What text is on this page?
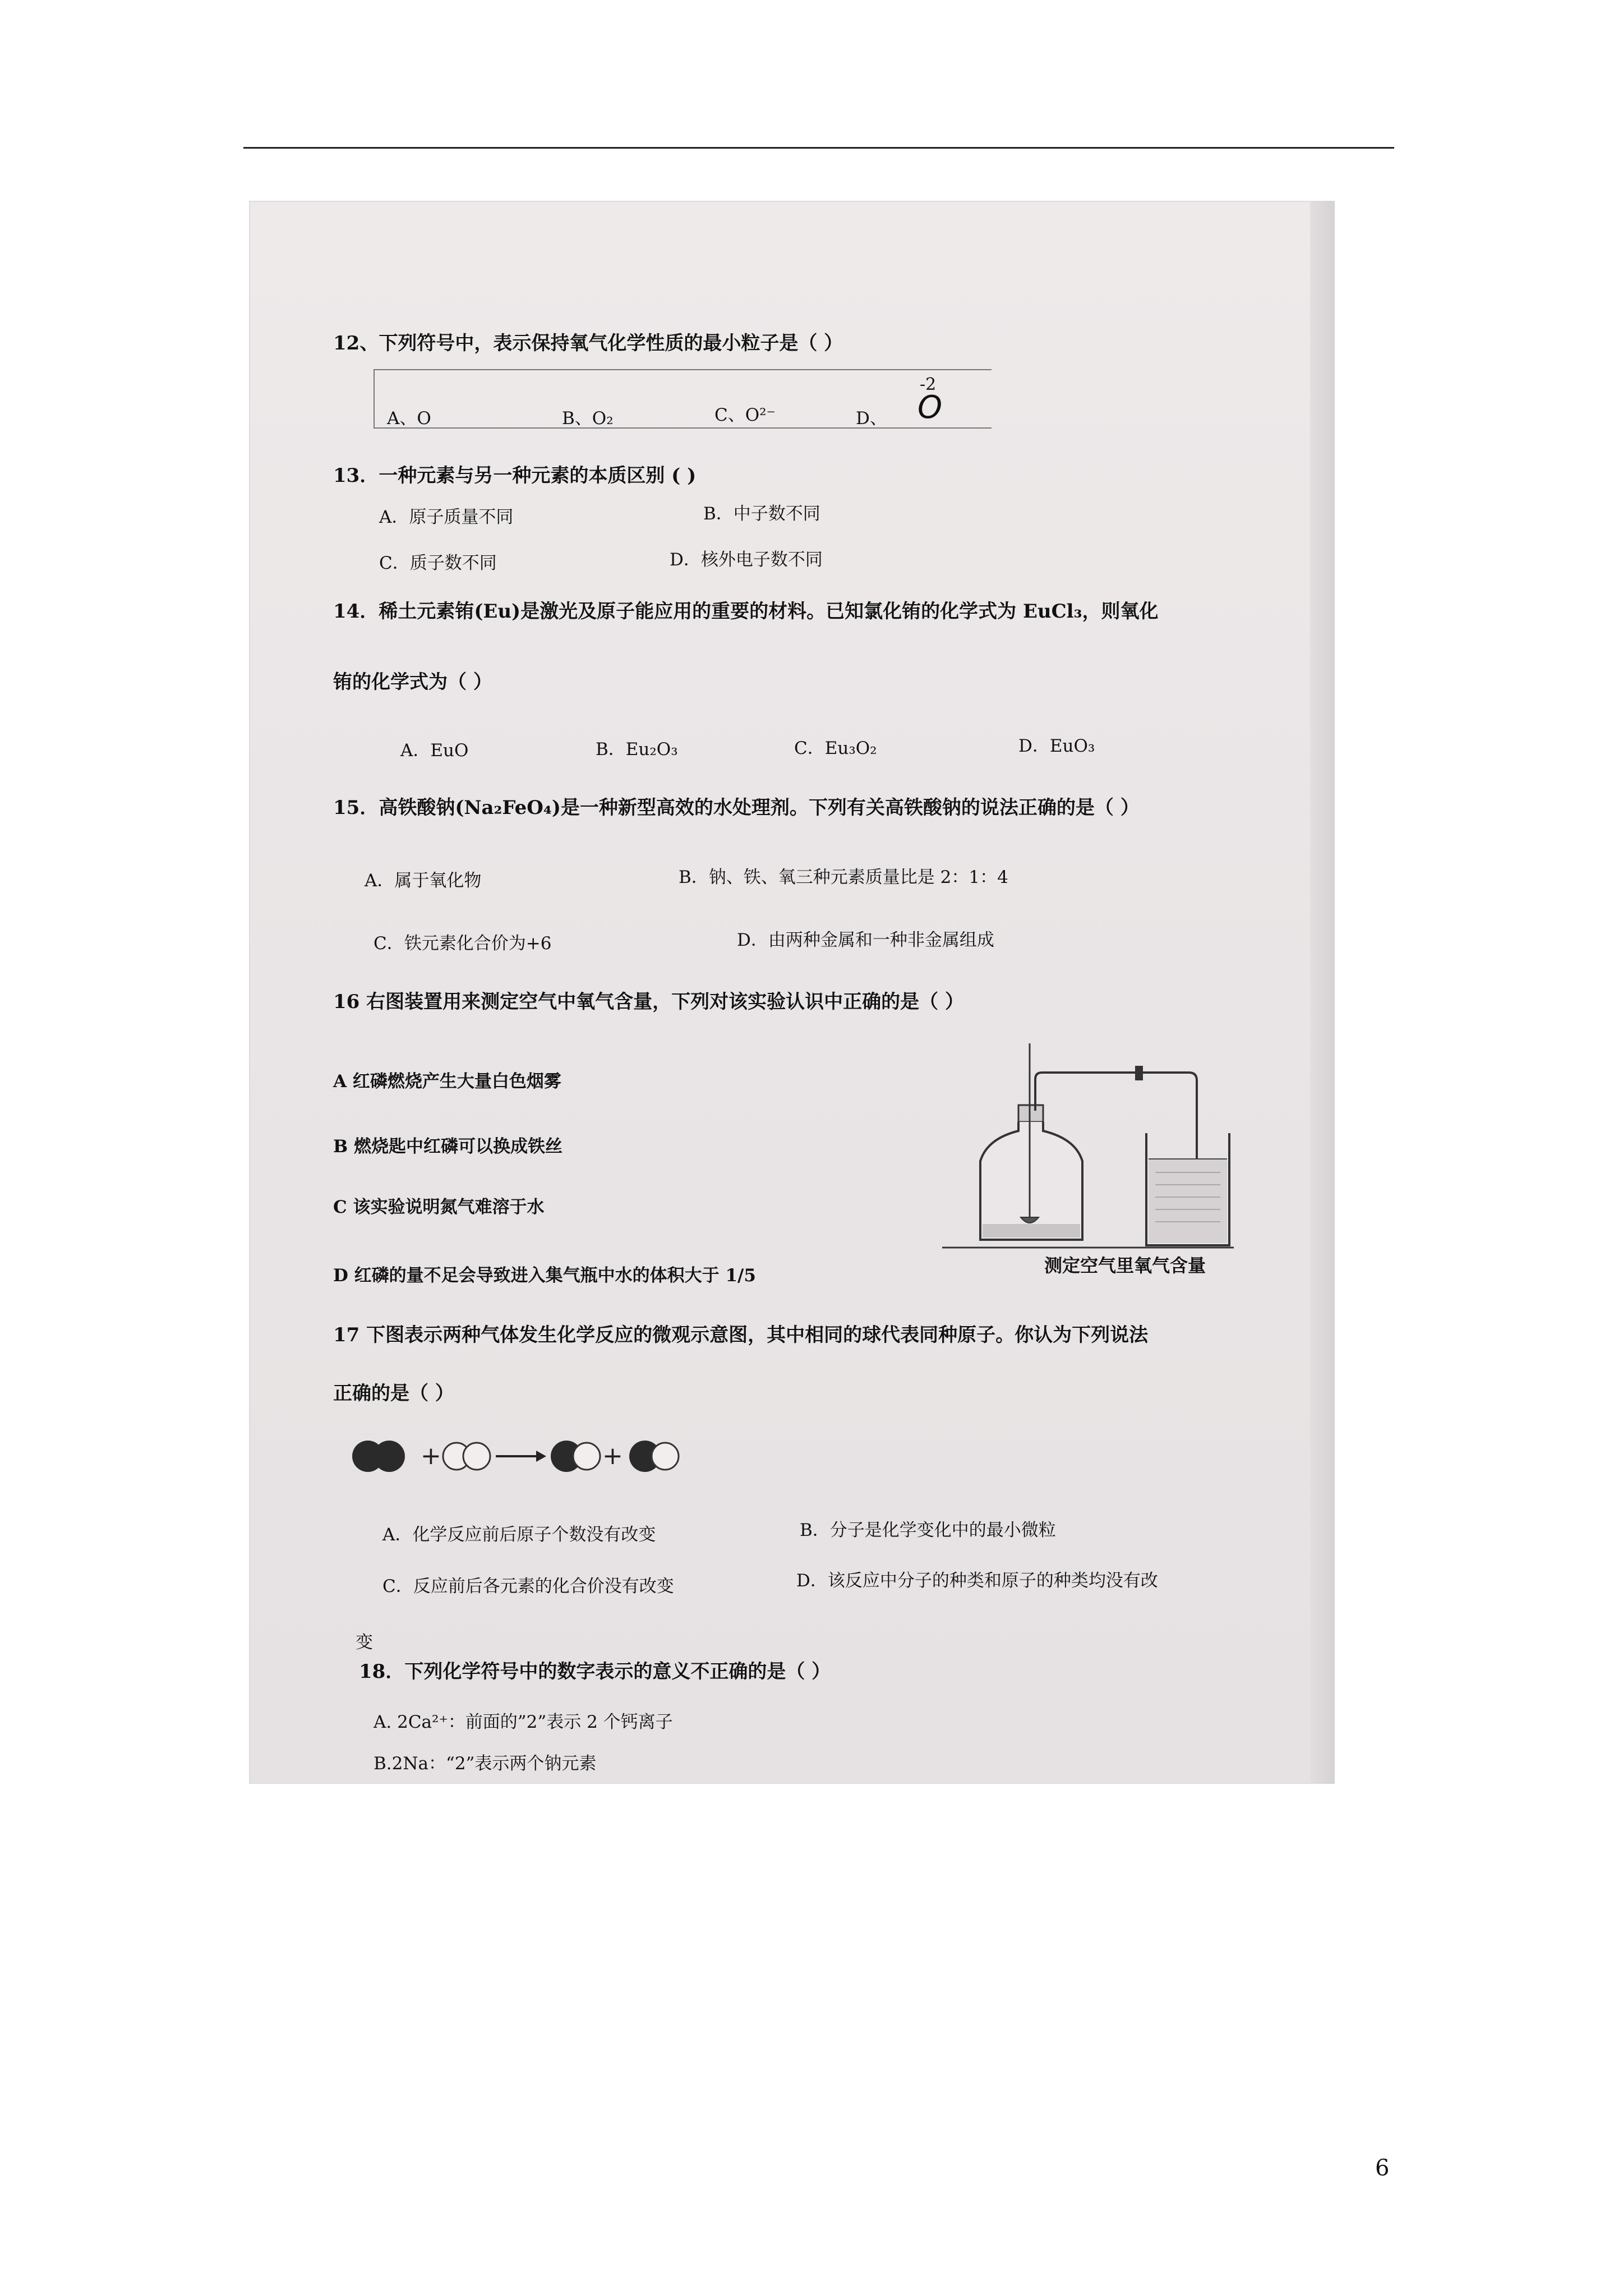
12、下列符号中，表示保持氧气化学性质的最小粒子是（ ）
A、O	B、O₂	C、O²⁻	D、
-2
O
13．一种元素与另一种元素的本质区别 ( )
A．原子质量不同	B．中子数不同
C．质子数不同	D．核外电子数不同
14．稀土元素铕(Eu)是激光及原子能应用的重要的材料。已知氯化铕的化学式为 EuCl₃，则氧化
铕的化学式为（ ）
A．EuO	B．Eu₂O₃	C．Eu₃O₂	D．EuO₃
15．高铁酸钠(Na₂FeO₄)是一种新型高效的水处理剂。下列有关高铁酸钠的说法正确的是（ ）
A．属于氧化物	B．钠、铁、氧三种元素质量比是 2：1：4
C．铁元素化合价为+6	D．由两种金属和一种非金属组成
16 右图装置用来测定空气中氧气含量，下列对该实验认识中正确的是（ ）
A 红磷燃烧产生大量白色烟雾
B 燃烧匙中红磷可以换成铁丝
C 该实验说明氮气难溶于水
D 红磷的量不足会导致进入集气瓶中水的体积大于 1/5	测定空气里氧气含量
17 下图表示两种气体发生化学反应的微观示意图，其中相同的球代表同种原子。你认为下列说法
正确的是（ ）
+	+
A．化学反应前后原子个数没有改变	B．分子是化学变化中的最小微粒
C．反应前后各元素的化合价没有改变	D．该反应中分子的种类和原子的种类均没有改
变
18．下列化学符号中的数字表示的意义不正确的是（ ）
A. 2Ca²⁺：前面的”2”表示 2 个钙离子
B.2Na：“2”表示两个钠元素
6
